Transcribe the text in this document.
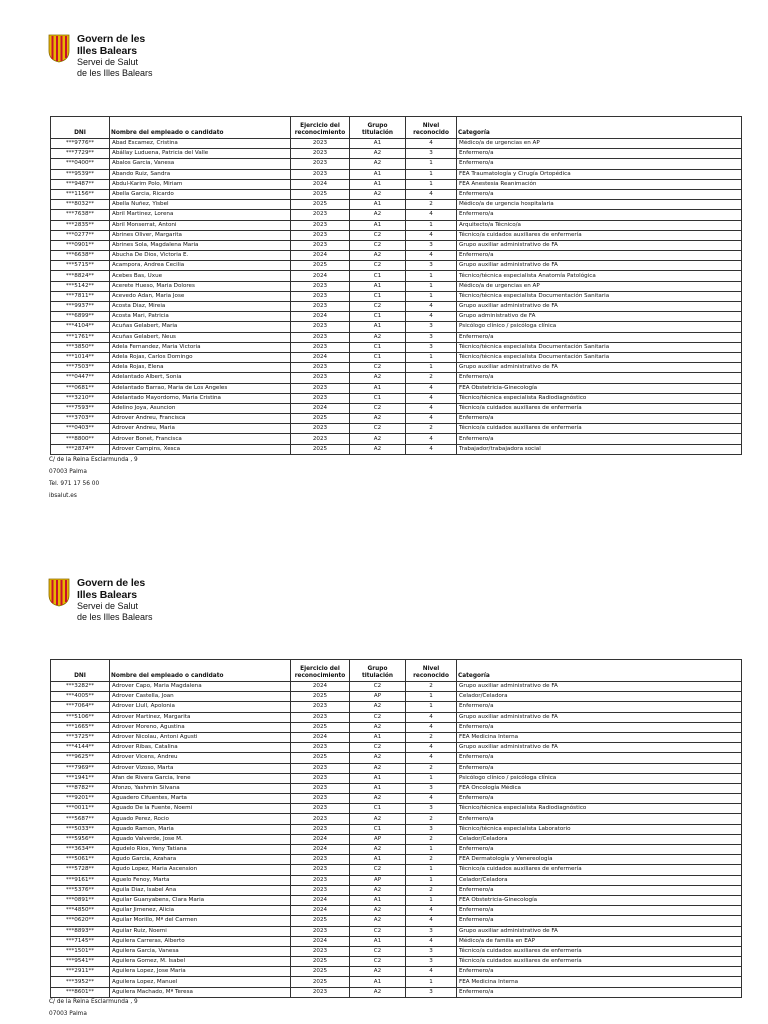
Govern de les
Illes Balears
Servei de Salut
de les Illes Balears
DNI	Nombre del empleado o candidato	Ejercicio del
reconocimiento	Grupo
titulación	Nivel
reconocido	Categoría
***9776**	Abad Escamez, Cristina	2023	A1	4	Médico/a de urgencias en AP
***7729**	Abállay Luduena, Patricia del Valle	2023	A2	3	Enfermero/a
***0400**	Abalos Garcia, Vanesa	2023	A2	1	Enfermero/a
***9539**	Abando Ruiz, Sandra	2023	A1	1	FEA Traumatología y Cirugía Ortopédica
***9487**	Abdul-Karim Polo, Miriam	2024	A1	1	FEA Anestesia Reanimación
***1156**	Abella Garcia, Ricardo	2025	A2	4	Enfermero/a
***8032**	Abella Nuñez, Yisbel	2025	A1	2	Médico/a de urgencia hospitalaria
***7638**	Abril Martinez, Lorena	2023	A2	4	Enfermero/a
***2835**	Abril Monserrat, Antoni	2023	A1	1	Arquitecto/a Técnico/a
***0277**	Abrines Oliver, Margarita	2023	C2	4	Técnico/a cuidados auxiliares de enfermería
***0901**	Abrines Sola, Magdalena Maria	2023	C2	3	Grupo auxiliar administrativo de FA
***6638**	Abucha De Dios, Victoria E.	2024	A2	4	Enfermero/a
***5715**	Acampora, Andrea Cecilia	2025	C2	3	Grupo auxiliar administrativo de FA
***8824**	Acebes Bas, Uxue	2024	C1	1	Técnico/técnica especialista Anatomía Patológica
***5142**	Acerete Hueso, Maria Dolores	2023	A1	1	Médico/a de urgencias en AP
***7811**	Acevedo Adan, Maria Jose	2023	C1	1	Técnico/técnica especialista Documentación Sanitaria
***9937**	Acosta Diaz, Mireia	2023	C2	4	Grupo auxiliar administrativo de FA
***6899**	Acosta Mari, Patricia	2024	C1	4	Grupo administrativo de FA
***4104**	Acuñas Gelabert, Maria	2023	A1	3	Psicólogo clínico / psicóloga clínica
***1761**	Acuñas Gelabert, Neus	2023	A2	3	Enfermero/a
***3850**	Adela Fernandez, Maria Victoria	2023	C1	3	Técnico/técnica especialista Documentación Sanitaria
***1014**	Adela Rojas, Carlos Domingo	2024	C1	1	Técnico/técnica especialista Documentación Sanitaria
***7503**	Adela Rojas, Elena	2023	C2	1	Grupo auxiliar administrativo de FA
***0447**	Adelantado Albert, Sonia	2023	A2	2	Enfermero/a
***0681**	Adelantado Barrao, Maria de Los Angeles	2023	A1	4	FEA Obstetricia-Ginecología
***3210**	Adelantado Mayordomo, Maria Cristina	2023	C1	4	Técnico/técnica especialista Radiodiagnóstico
***7593**	Adelino Joya, Asuncion	2024	C2	4	Técnico/a cuidados auxiliares de enfermería
***3703**	Adrover Andreu, Francisca	2025	A2	4	Enfermero/a
***0403**	Adrover Andreu, Maria	2023	C2	2	Técnico/a cuidados auxiliares de enfermería
***8800**	Adrover Bonet, Francisca	2023	A2	4	Enfermero/a
***2874**	Adrover Campins, Xesca	2025	A2	4	Trabajador/trabajadora social
C/ de la Reina Esclarmunda , 9
07003 Palma
Tel. 971 17 56 00
ibsalut.es
Govern de les
Illes Balears
Servei de Salut
de les Illes Balears
DNI	Nombre del empleado o candidato	Ejercicio del
reconocimiento	Grupo
titulación	Nivel
reconocido	Categoría
***3282**	Adrover Capo, Maria Magdalena	2024	C2	2	Grupo auxiliar administrativo de FA
***4005**	Adrover Castella, Joan	2025	AP	1	Celador/Celadora
***7064**	Adrover Llull, Apolonia	2023	A2	1	Enfermero/a
***5106**	Adrover Martinez, Margarita	2023	C2	4	Grupo auxiliar administrativo de FA
***1665**	Adrover Moreno, Agustina	2025	A2	4	Enfermero/a
***3725**	Adrover Nicolau, Antoni Agusti	2024	A1	2	FEA Medicina Interna
***4144**	Adrover Ribas, Catalina	2023	C2	4	Grupo auxiliar administrativo de FA
***9625**	Adrover Vicens, Andreu	2025	A2	4	Enfermero/a
***7969**	Adrover Vizoso, Marta	2023	A2	2	Enfermero/a
***1941**	Afan de Rivera Garcia, Irene	2023	A1	1	Psicólogo clínico / psicóloga clínica
***8782**	Afonzo, Yashmin Silvana	2023	A1	3	FEA Oncología Médica
***9201**	Aguadero Cifuentes, Marta	2023	A2	4	Enfermero/a
***0011**	Aguado De la Fuente, Noemi	2023	C1	3	Técnico/técnica especialista Radiodiagnóstico
***5687**	Aguado Perez, Rocio	2023	A2	2	Enfermero/a
***5033**	Aguado Ramon, Maria	2023	C1	3	Técnico/técnica especialista Laboratorio
***5956**	Aguado Valverde, Jose M.	2024	AP	2	Celador/Celadora
***3634**	Agudelo Rios, Yeny Tatiana	2024	A2	1	Enfermero/a
***5061**	Agudo Garcia, Azahara	2023	A1	2	FEA Dermatología y Venereología
***5728**	Agudo Lopez, Maria Ascension	2023	C2	1	Técnico/a cuidados auxiliares de enfermería
***9161**	Aguelo Fenoy, Marta	2023	AP	1	Celador/Celadora
***5376**	Aguila Diaz, Isabel Ana	2023	A2	2	Enfermero/a
***0891**	Aguilar Guanyabens, Clara Maria	2024	A1	1	FEA Obstetricia-Ginecología
***4850**	Aguilar Jimenez, Alicia	2024	A2	4	Enfermero/a
***0620**	Aguilar Morillo, Mª del Carmen	2025	A2	4	Enfermero/a
***8893**	Aguilar Ruiz, Noemi	2023	C2	3	Grupo auxiliar administrativo de FA
***7145**	Aguilera Carreras, Alberto	2024	A1	4	Médico/a de familia en EAP
***1501**	Aguilera Garcia, Vanesa	2023	C2	3	Técnico/a cuidados auxiliares de enfermería
***9541**	Aguilera Gomez, M. Isabel	2025	C2	3	Técnico/a cuidados auxiliares de enfermería
***2911**	Aguilera Lopez, Jose Maria	2025	A2	4	Enfermero/a
***3952**	Aguilera Lopez, Manuel	2025	A1	1	FEA Medicina Interna
***8601**	Aguilera Machado, Mª Teresa	2023	A2	3	Enfermero/a
C/ de la Reina Esclarmunda , 9
07003 Palma
